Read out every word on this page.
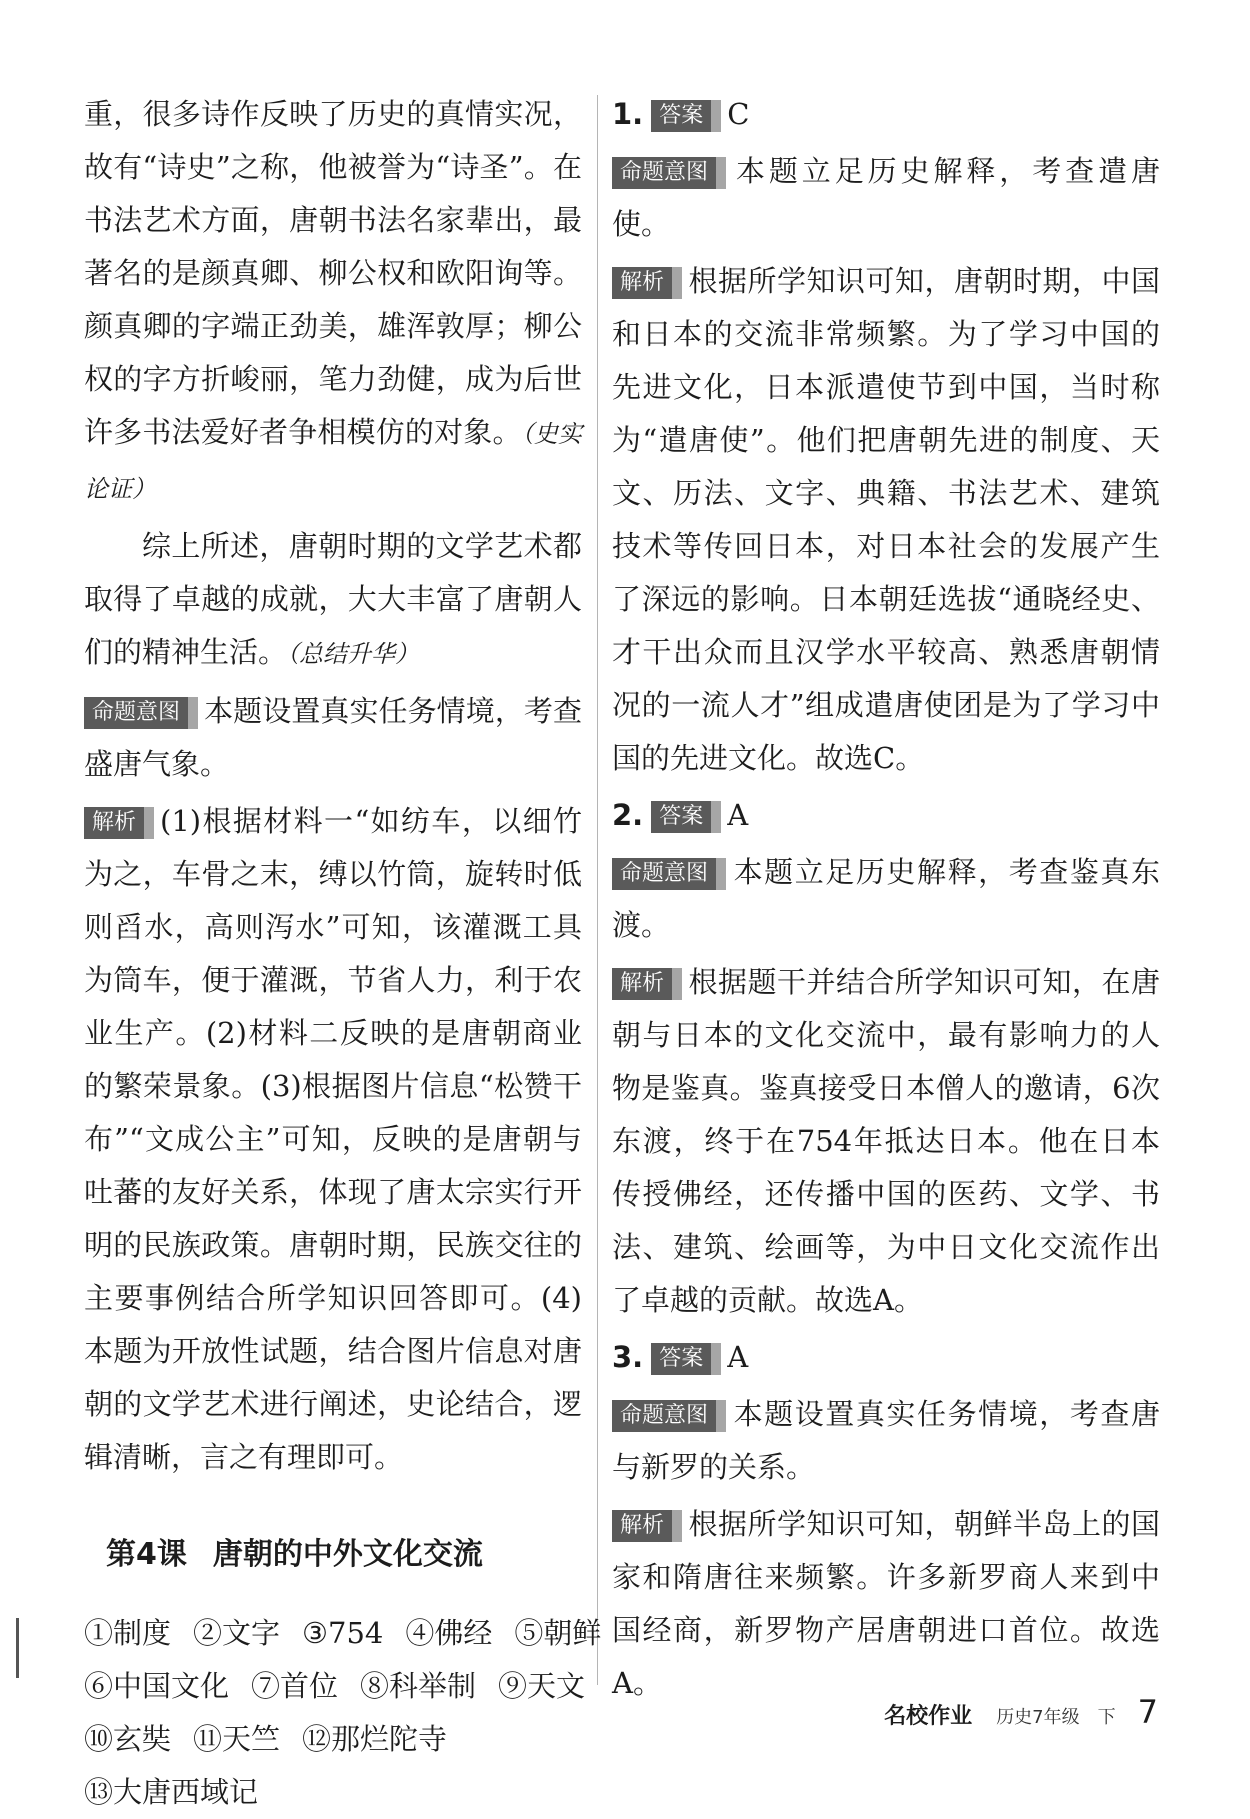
重，很多诗作反映了历史的真情实况，故有“诗史”之称，他被誉为“诗圣”。在书法艺术方面，唐朝书法名家辈出，最著名的是颜真卿、柳公权和欧阳询等。颜真卿的字端正劲美，雄浑敦厚；柳公权的字方折峻丽，笔力劲健，成为后世许多书法爱好者争相模仿的对象。（史实论证）

综上所述，唐朝时期的文学艺术都取得了卓越的成就，大大丰富了唐朝人们的精神生活。（总结升华）

命题意图 本题设置真实任务情境，考查盛唐气象。

解析 (1)根据材料一“如纺车，以细竹为之，车骨之末，缚以竹筒，旋转时低则舀水，高则泻水”可知，该灌溉工具为筒车，便于灌溉，节省人力，利于农业生产。(2)材料二反映的是唐朝商业的繁荣景象。(3)根据图片信息“松赞干布”“文成公主”可知，反映的是唐朝与吐蕃的友好关系，体现了唐太宗实行开明的民族政策。唐朝时期，民族交往的主要事例结合所学知识回答即可。(4)本题为开放性试题，结合图片信息对唐朝的文学艺术进行阐述，史论结合，逻辑清晰，言之有理即可。

第4课 唐朝的中外文化交流

①制度 ②文字 ③754 ④佛经 ⑤朝鲜

⑥中国文化 ⑦首位 ⑧科举制 ⑨天文

⑩玄奘 ⑪天竺 ⑫那烂陀寺

⑬大唐西域记

1. 答案 C

命题意图 本题立足历史解释，考查遣唐使。

解析 根据所学知识可知，唐朝时期，中国和日本的交流非常频繁。为了学习中国的先进文化，日本派遣使节到中国，当时称为“遣唐使”。他们把唐朝先进的制度、天文、历法、文字、典籍、书法艺术、建筑技术等传回日本，对日本社会的发展产生了深远的影响。日本朝廷选拔“通晓经史、才干出众而且汉学水平较高、熟悉唐朝情况的一流人才”组成遣唐使团是为了学习中国的先进文化。故选C。

2. 答案 A

命题意图 本题立足历史解释，考查鉴真东渡。

解析 根据题干并结合所学知识可知，在唐朝与日本的文化交流中，最有影响力的人物是鉴真。鉴真接受日本僧人的邀请，6次东渡，终于在754年抵达日本。他在日本传授佛经，还传播中国的医药、文学、书法、建筑、绘画等，为中日文化交流作出了卓越的贡献。故选A。

3. 答案 A

命题意图 本题设置真实任务情境，考查唐与新罗的关系。

解析 根据所学知识可知，朝鲜半岛上的国家和隋唐往来频繁。许多新罗商人来到中国经商，新罗物产居唐朝进口首位。故选A。

名校作业 历史7年级 下 7
